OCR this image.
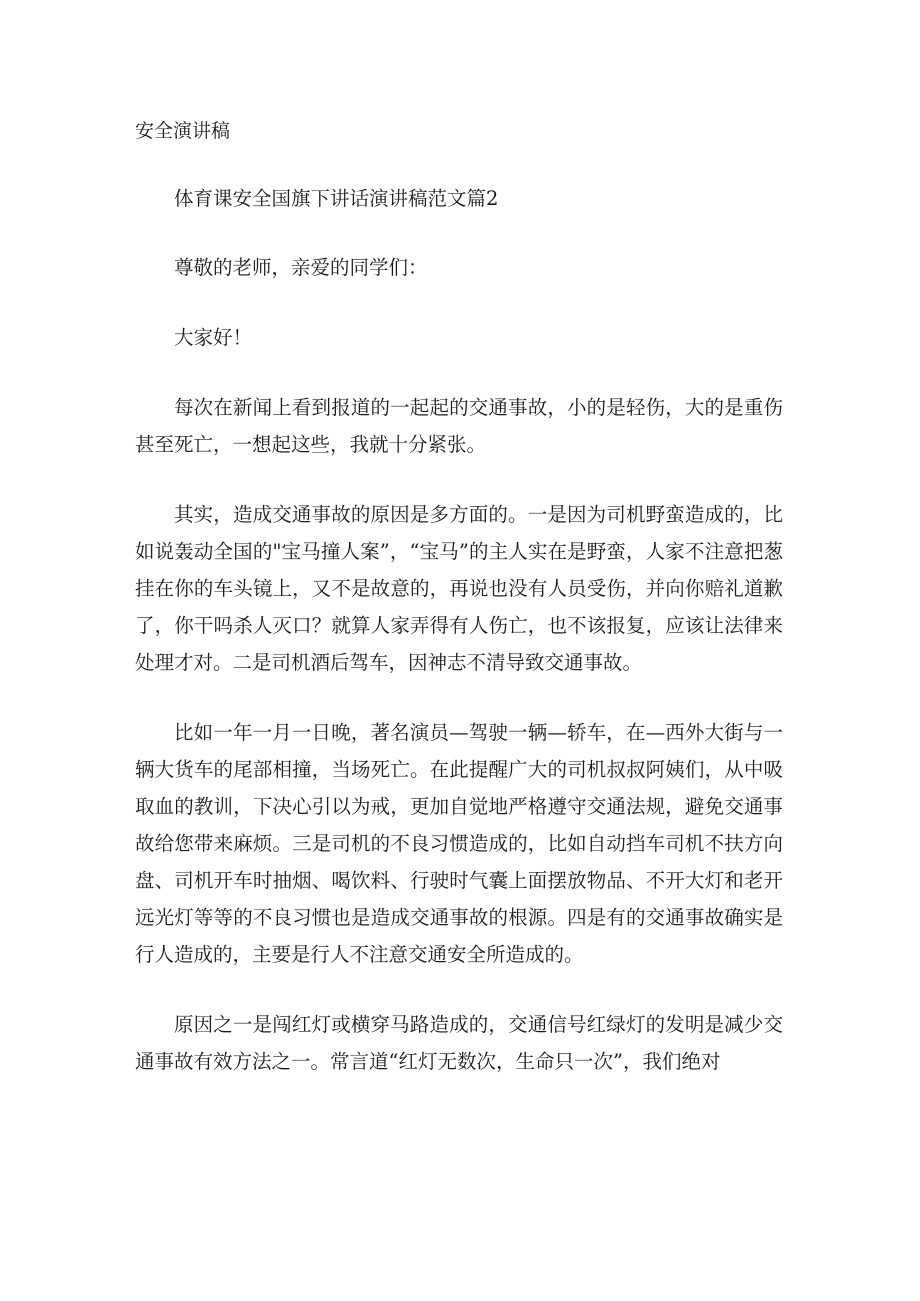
安全演讲稿

体育课安全国旗下讲话演讲稿范文篇2

尊敬的老师，亲爱的同学们：

大家好！

每次在新闻上看到报道的一起起的交通事故，小的是轻伤，大的是重伤甚至死亡，一想起这些，我就十分紧张。

其实，造成交通事故的原因是多方面的。一是因为司机野蛮造成的，比如说轰动全国的"宝马撞人案”，“宝马”的主人实在是野蛮，人家不注意把葱挂在你的车头镜上，又不是故意的，再说也没有人员受伤，并向你赔礼道歉了，你干吗杀人灭口？就算人家弄得有人伤亡，也不该报复，应该让法律来处理才对。二是司机酒后驾车，因神志不清导致交通事故。

比如一年一月一日晚，著名演员—驾驶一辆—轿车，在—西外大街与一辆大货车的尾部相撞，当场死亡。在此提醒广大的司机叔叔阿姨们，从中吸取血的教训，下决心引以为戒，更加自觉地严格遵守交通法规，避免交通事故给您带来麻烦。三是司机的不良习惯造成的，比如自动挡车司机不扶方向盘、司机开车时抽烟、喝饮料、行驶时气囊上面摆放物品、不开大灯和老开远光灯等等的不良习惯也是造成交通事故的根源。四是有的交通事故确实是行人造成的，主要是行人不注意交通安全所造成的。

原因之一是闯红灯或横穿马路造成的，交通信号红绿灯的发明是减少交通事故有效方法之一。常言道“红灯无数次，生命只一次”，我们绝对
